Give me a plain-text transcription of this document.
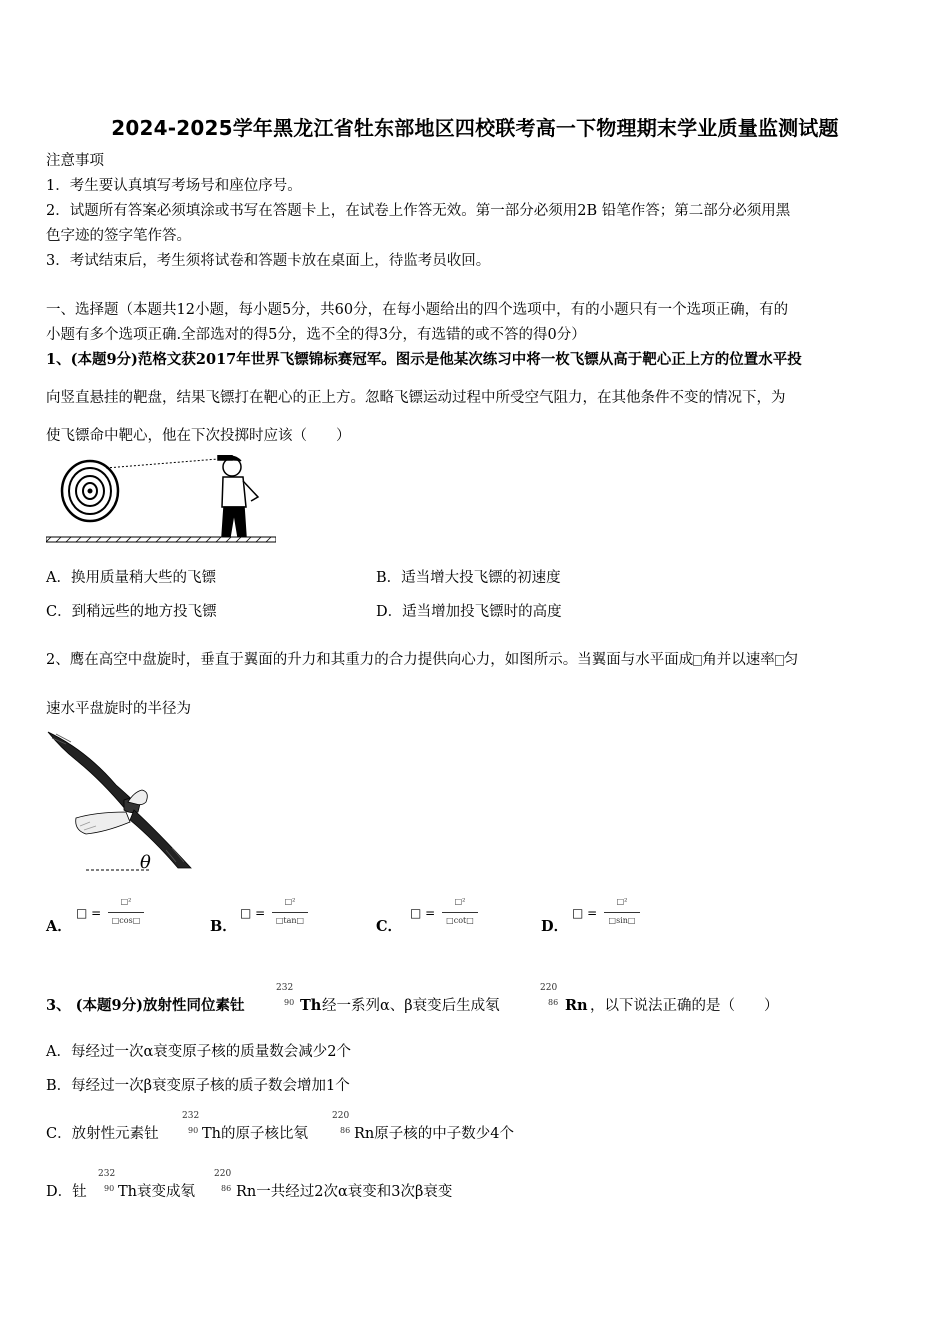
2024-2025学年黑龙江省牡东部地区四校联考高一下物理期末学业质量监测试题
注意事项
1．考生要认真填写考场号和座位序号。
2．试题所有答案必须填涂或书写在答题卡上，在试卷上作答无效。第一部分必须用2B 铅笔作答；第二部分必须用黑
色字迹的签字笔作答。
3．考试结束后，考生须将试卷和答题卡放在桌面上，待监考员收回。
一、选择题（本题共12小题，每小题5分，共60分，在每小题给出的四个选项中，有的小题只有一个选项正确，有的
小题有多个选项正确.全部选对的得5分，选不全的得3分，有选错的或不答的得0分）
1、(本题9分)范格文获2017年世界飞镖锦标赛冠军。图示是他某次练习中将一枚飞镖从高于靶心正上方的位置水平投
向竖直悬挂的靶盘，结果飞镖打在靶心的正上方。忽略飞镖运动过程中所受空气阻力，在其他条件不变的情况下，为
使飞镖命中靶心，他在下次投掷时应该（　　）
A．换用质量稍大些的飞镖	B．适当增大投飞镖的初速度
C．到稍远些的地方投飞镖	D．适当增加投飞镖时的高度
2、鹰在高空中盘旋时，垂直于翼面的升力和其重力的合力提供向心力，如图所示。当翼面与水平面成 角并以速率 匀
速水平盘旋时的半径为
θ
A．
□ =
□²
□cos□	B．
□ =
□²
□tan□	C．
□ =
□²
□cot□	D．
□ =
□²
□sin□
3、 (本题9分)放射性同位素钍
232
90 Th 经一系列α、β衰变后生成氡
220
86 Rn ，以下说法正确的是（　　）
A．每经过一次α衰变原子核的质量数会减少2个
B．每经过一次β衰变原子核的质子数会增加1个
C．放射性元素钍
232
90 Th的原子核比氡
220
86 Rn原子核的中子数少4个
D．钍
232
90 Th衰变成氡
220
86 Rn一共经过2次α衰变和3次β衰变
